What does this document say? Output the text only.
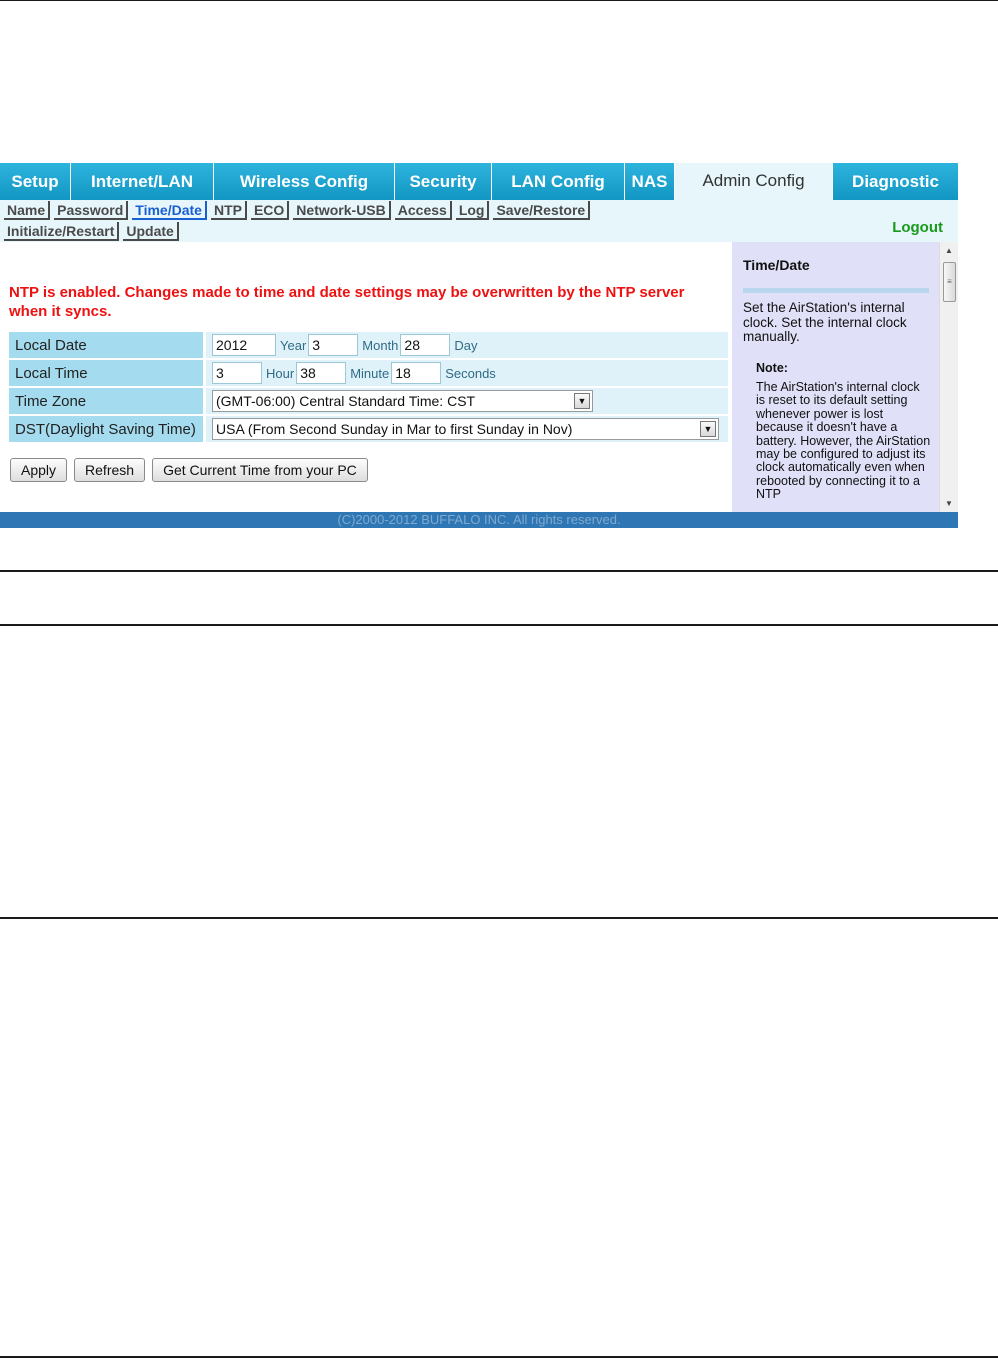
Setup	Internet/LAN	Wireless Config	Security	LAN Config	NAS	Admin Config	Diagnostic
Name Password Time/Date NTP ECO Network-USB Access Log Save/Restore
Initialize/Restart Update	Logout
NTP is enabled. Changes made to time and date settings may be overwritten by the NTP server when it syncs.
Local Date	2012 Year 3 Month 28 Day
Local Time	3 Hour 38 Minute 18 Seconds
Time Zone	(GMT-06:00) Central Standard Time: CST ▼

DST(Daylight Saving Time)	USA (From Second Sunday in Mar to first Sunday in Nov) ▼
Apply	Refresh	Get Current Time from your PC
Time/Date
Set the AirStation's internal clock. Set the internal clock manually.
Note:
The AirStation's internal clock is reset to its default setting whenever power is lost because it doesn't have a battery. However, the AirStation may be configured to adjust its clock automatically even when rebooted by connecting it to a NTP
▲
≡
▼
(C)2000-2012 BUFFALO INC. All rights reserved.
